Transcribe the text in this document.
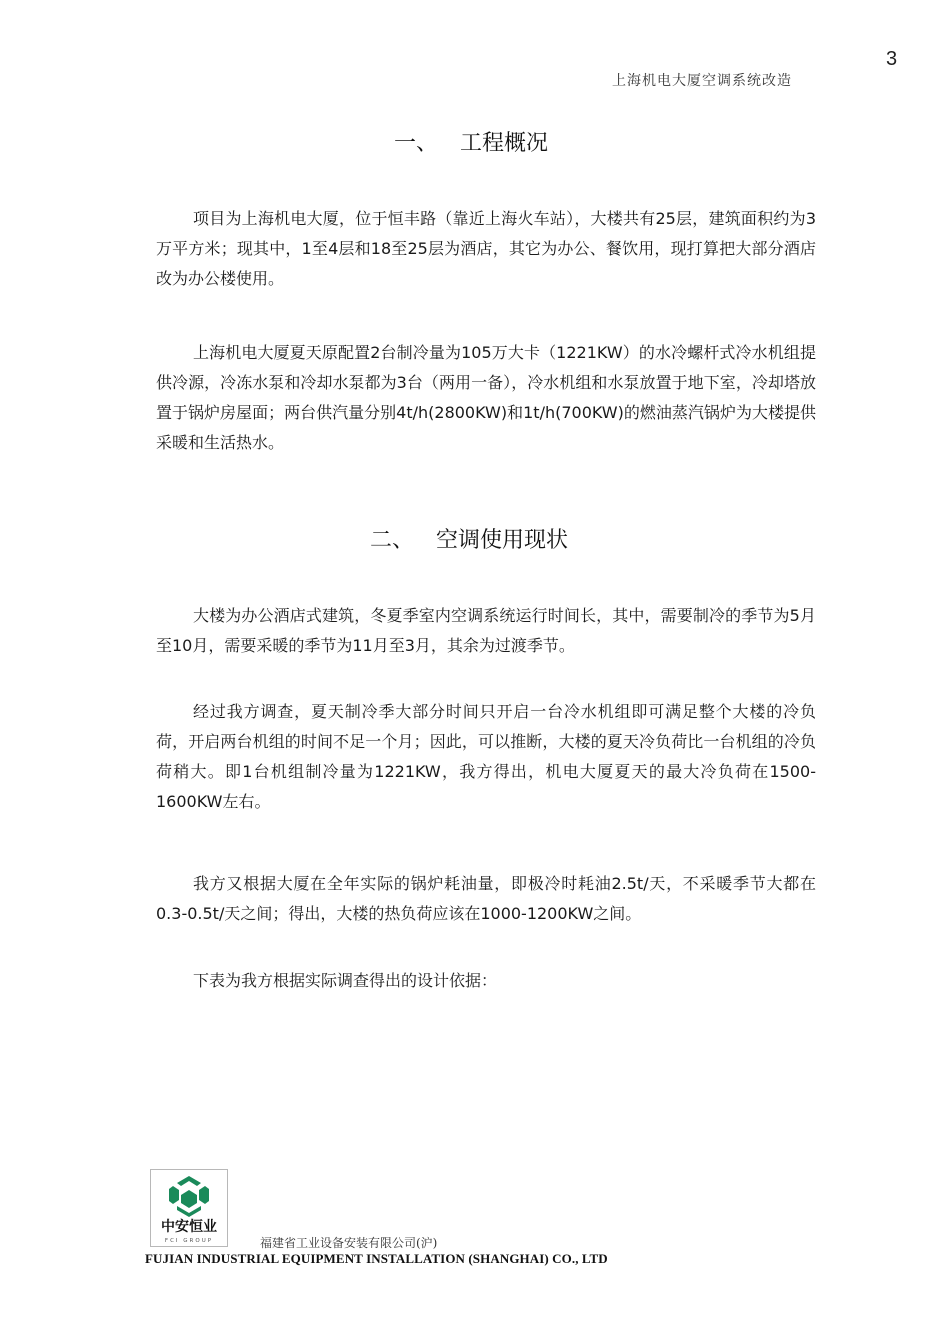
3
上海机电大厦空调系统改造
一、 工程概况

项目为上海机电大厦，位于恒丰路（靠近上海火车站），大楼共有25层，建筑面积约为3万平方米；现其中，1至4层和18至25层为酒店，其它为办公、餐饮用，现打算把大部分酒店改为办公楼使用。

上海机电大厦夏天原配置2台制冷量为105万大卡（1221KW）的水冷螺杆式冷水机组提供冷源，冷冻水泵和冷却水泵都为3台（两用一备），冷水机组和水泵放置于地下室，冷却塔放置于锅炉房屋面；两台供汽量分别4t/h(2800KW)和1t/h(700KW)的燃油蒸汽锅炉为大楼提供采暖和生活热水。

二、 空调使用现状

大楼为办公酒店式建筑，冬夏季室内空调系统运行时间长，其中，需要制冷的季节为5月至10月，需要采暖的季节为11月至3月，其余为过渡季节。

经过我方调查，夏天制冷季大部分时间只开启一台冷水机组即可满足整个大楼的冷负荷，开启两台机组的时间不足一个月；因此，可以推断，大楼的夏天冷负荷比一台机组的冷负荷稍大。即1台机组制冷量为1221KW，我方得出，机电大厦夏天的最大冷负荷在1500-1600KW左右。

我方又根据大厦在全年实际的锅炉耗油量，即极冷时耗油2.5t/天，不采暖季节大都在0.3-0.5t/天之间；得出，大楼的热负荷应该在1000-1200KW之间。

下表为我方根据实际调查得出的设计依据：

中安恒业
FCI GROUP	福建省工业设备安装有限公司(沪)
FUJIAN INDUSTRIAL EQUIPMENT INSTALLATION (SHANGHAI) CO., LTD
